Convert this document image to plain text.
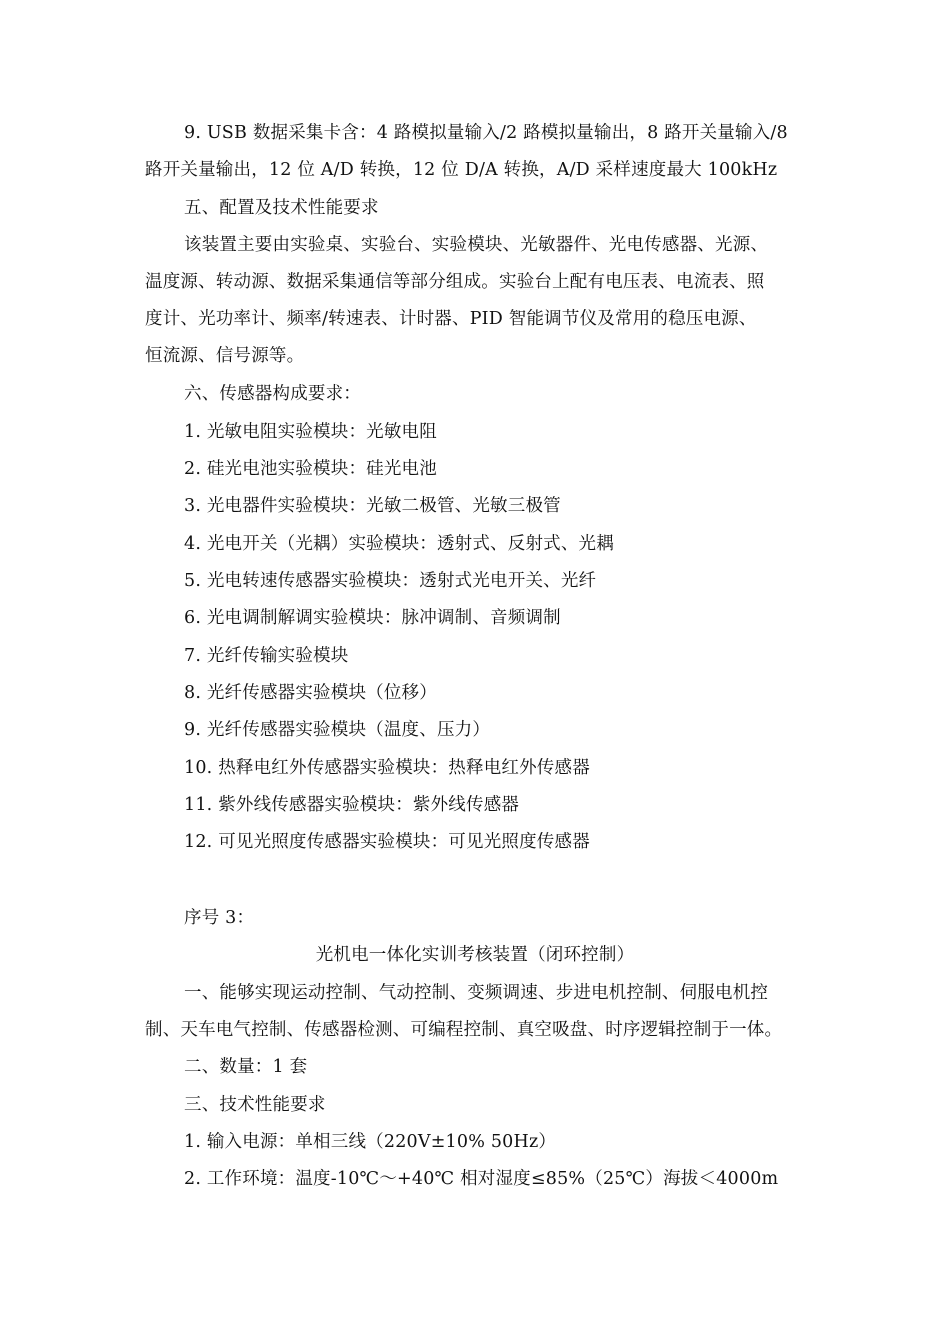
9. USB 数据采集卡含：4 路模拟量输入/2 路模拟量输出，8 路开关量输入/8
路开关量输出，12 位 A/D 转换，12 位 D/A 转换，A/D 采样速度最大 100kHz
五、配置及技术性能要求
该装置主要由实验桌、实验台、实验模块、光敏器件、光电传感器、光源、
温度源、转动源、数据采集通信等部分组成。实验台上配有电压表、电流表、照
度计、光功率计、频率/转速表、计时器、PID 智能调节仪及常用的稳压电源、
恒流源、信号源等。
六、传感器构成要求：
1. 光敏电阻实验模块：光敏电阻
2. 硅光电池实验模块：硅光电池
3. 光电器件实验模块：光敏二极管、光敏三极管
4. 光电开关（光耦）实验模块：透射式、反射式、光耦
5. 光电转速传感器实验模块：透射式光电开关、光纤
6. 光电调制解调实验模块：脉冲调制、音频调制
7. 光纤传输实验模块
8. 光纤传感器实验模块（位移）
9. 光纤传感器实验模块（温度、压力）
10. 热释电红外传感器实验模块：热释电红外传感器
11. 紫外线传感器实验模块：紫外线传感器
12. 可见光照度传感器实验模块：可见光照度传感器
序号 3：
光机电一体化实训考核装置（闭环控制）
一、能够实现运动控制、气动控制、变频调速、步进电机控制、伺服电机控
制、天车电气控制、传感器检测、可编程控制、真空吸盘、时序逻辑控制于一体。
二、数量：1 套
三、技术性能要求
1. 输入电源：单相三线（220V±10% 50Hz）
2. 工作环境：温度-10℃～+40℃ 相对湿度≤85%（25℃）海拔＜4000m
